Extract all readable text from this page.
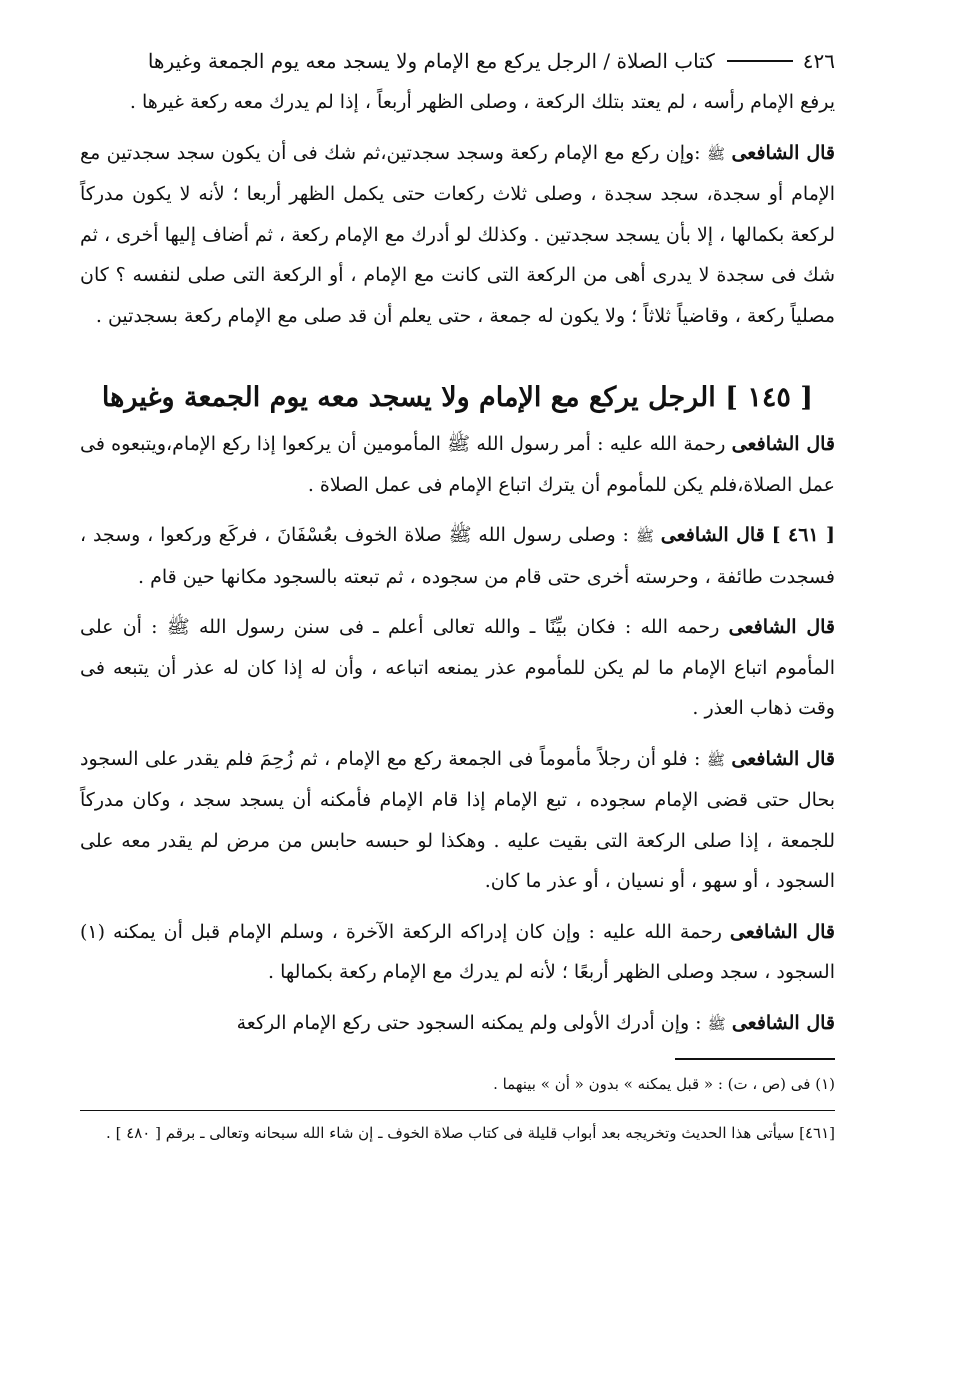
٤٢٦
كتاب الصلاة / الرجل يركع مع الإمام ولا يسجد معه يوم الجمعة وغيرها

يرفع الإمام رأسه ، لم يعتد بتلك الركعة ، وصلى الظهر أربعاً ، إذا لم يدرك معه ركعة غيرها .

قال الشافعى ﷺ :وإن ركع مع الإمام ركعة وسجد سجدتين،ثم شك فى أن يكون سجد سجدتين مع الإمام أو سجدة، سجد سجدة ، وصلى ثلاث ركعات حتى يكمل الظهر أربعا ؛ لأنه لا يكون مدركاً لركعة بكمالها ، إلا بأن يسجد سجدتين . وكذلك لو أدرك مع الإمام ركعة ، ثم أضاف إليها أخرى ، ثم شك فى سجدة لا يدرى أهى من الركعة التى كانت مع الإمام ، أو الركعة التى صلى لنفسه ؟ كان مصلياً ركعة ، وقاضياً ثلاثاً ؛ ولا يكون له جمعة ، حتى يعلم أن قد صلى مع الإمام ركعة بسجدتين .

[ ١٤٥ ] الرجل يركع مع الإمام ولا يسجد معه يوم الجمعة وغيرها

قال الشافعى رحمة الله عليه : أمر رسول الله ﷺ المأمومين أن يركعوا إذا ركع الإمام،ويتبعوه فى عمل الصلاة،فلم يكن للمأموم أن يترك اتباع الإمام فى عمل الصلاة .

[ ٤٦١ ] قال الشافعى ﷺ : وصلى رسول الله ﷺ صلاة الخوف بعُسْفَانَ ، فركَع وركعوا ، وسجد ، فسجدت طائفة ، وحرسته أخرى حتى قام من سجوده ، ثم تبعته بالسجود مكانها حين قام .

قال الشافعى رحمه الله : فكان بيِّنًا ـ والله تعالى أعلم ـ فى سنن رسول الله ﷺ : أن على المأموم اتباع الإمام ما لم يكن للمأموم عذر يمنعه اتباعه ، وأن له إذا كان له عذر أن يتبعه فى وقت ذهاب العذر .

قال الشافعى ﷺ : فلو أن رجلاً مأموماً فى الجمعة ركع مع الإمام ، ثم زُحِمَ فلم يقدر على السجود بحال حتى قضى الإمام سجوده ، تبع الإمام إذا قام الإمام فأمكنه أن يسجد سجد ، وكان مدركاً للجمعة ، إذا صلى الركعة التى بقيت عليه . وهكذا لو حبسه حابس من مرض لم يقدر معه على السجود ، أو سهو ، أو نسيان ، أو عذر ما كان.

قال الشافعى رحمة الله عليه : وإن كان إدراكه الركعة الآخرة ، وسلم الإمام قبل أن يمكنه (١) السجود ، سجد وصلى الظهر أربعًا ؛ لأنه لم يدرك مع الإمام ركعة بكمالها .

قال الشافعى ﷺ : وإن أدرك الأولى ولم يمكنه السجود حتى ركع الإمام الركعة

(١) فى (ص ، ت) : « قبل يمكنه » بدون « أن » بينهما .

[٤٦١] سيأتى هذا الحديث وتخريجه بعد أبواب قليلة فى كتاب صلاة الخوف ـ إن شاء الله سبحانه وتعالى ـ برقم [ ٤٨٠ ] .
